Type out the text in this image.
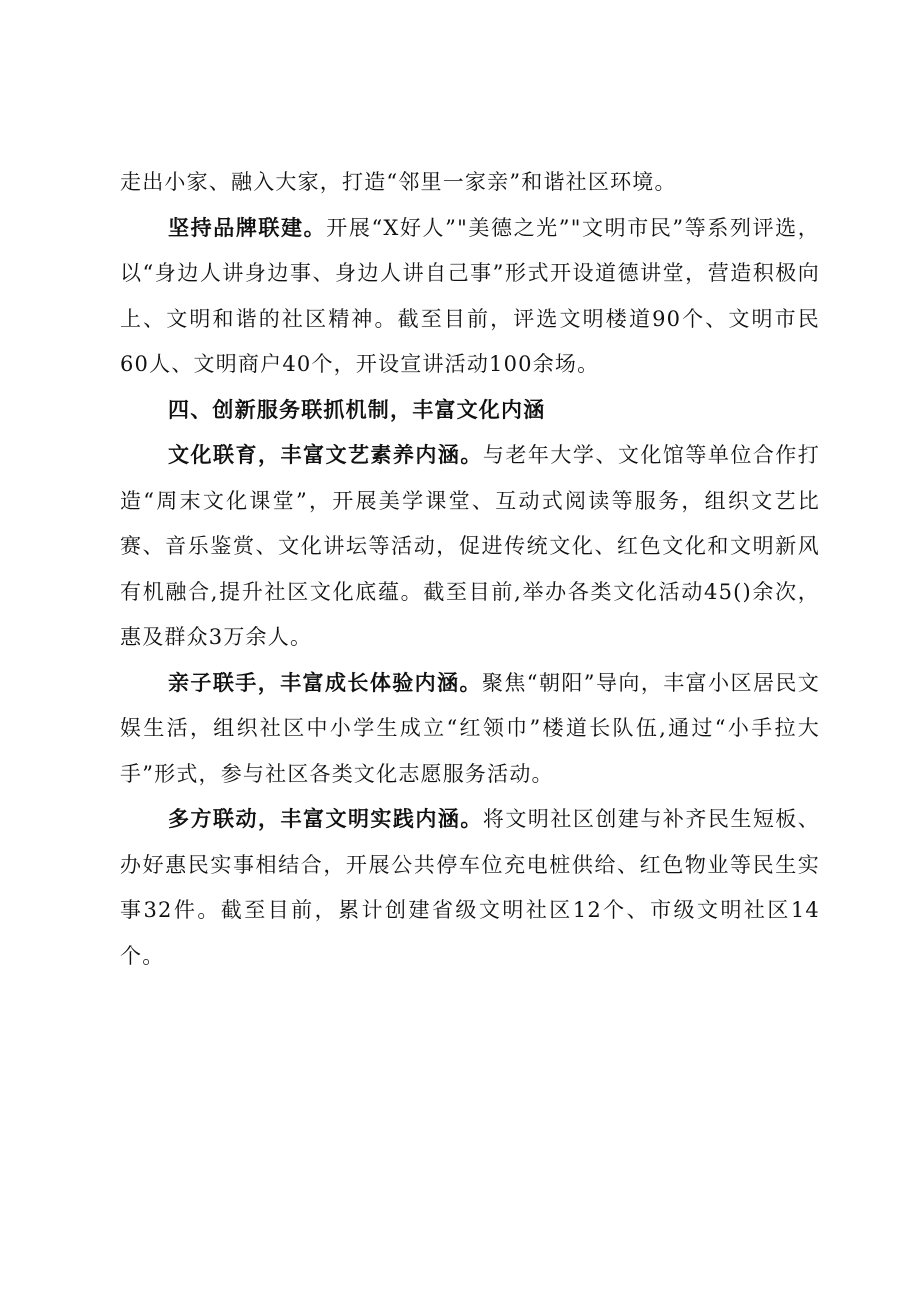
走出小家、融入大家，打造“邻里一家亲”和谐社区环境。

坚持品牌联建。开展“X好人”"美德之光”"文明市民”等系列评选，以“身边人讲身边事、身边人讲自己事”形式开设道德讲堂，营造积极向上、文明和谐的社区精神。截至目前，评选文明楼道90个、文明市民60人、文明商户40个，开设宣讲活动100余场。

四、创新服务联抓机制，丰富文化内涵

文化联育，丰富文艺素养内涵。与老年大学、文化馆等单位合作打造“周末文化课堂”，开展美学课堂、互动式阅读等服务，组织文艺比赛、音乐鉴赏、文化讲坛等活动，促进传统文化、红色文化和文明新风有机融合,提升社区文化底蕴。截至目前,举办各类文化活动45()余次，惠及群众3万余人。

亲子联手，丰富成长体验内涵。聚焦“朝阳”导向，丰富小区居民文娱生活，组织社区中小学生成立“红领巾”楼道长队伍,通过“小手拉大手”形式，参与社区各类文化志愿服务活动。

多方联动，丰富文明实践内涵。将文明社区创建与补齐民生短板、办好惠民实事相结合，开展公共停车位充电桩供给、红色物业等民生实事32件。截至目前，累计创建省级文明社区12个、市级文明社区14个。
